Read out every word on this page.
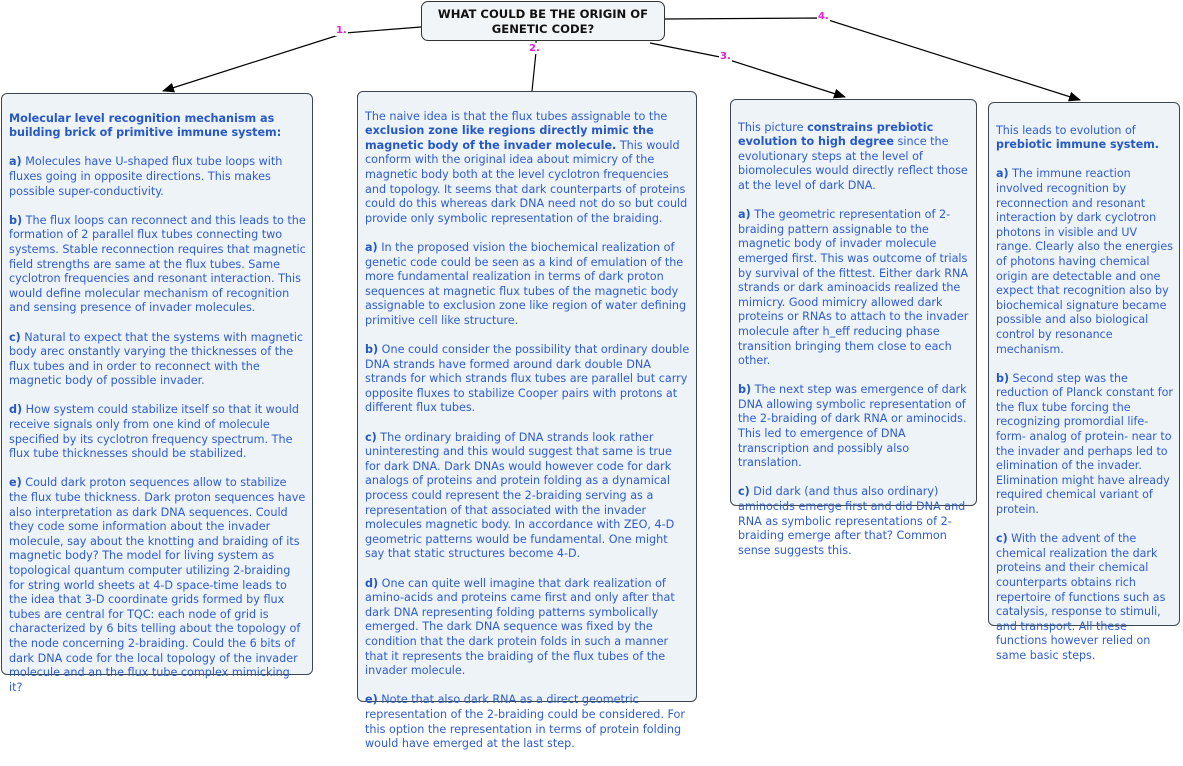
1.
2.
3.
4.
WHAT COULD BE THE ORIGIN OF
GENETIC CODE?

Molecular level recognition mechanism as building brick of primitive immune system:

a) Molecules have U-shaped flux tube loops with fluxes going in opposite directions. This makes possible super-conductivity.

b) The flux loops can reconnect and this leads to the formation of 2 parallel flux tubes connecting two systems. Stable reconnection requires that magnetic field strengths are same at the flux tubes. Same cyclotron frequencies and resonant interaction. This would define molecular mechanism of recognition and sensing presence of invader molecules.

c) Natural to expect that the systems with magnetic body arec onstantly varying the thicknesses of the flux tubes and in order to reconnect with the magnetic body of possible invader.

d) How system could stabilize itself so that it would receive signals only from one kind of molecule specified by its cyclotron frequency spectrum. The flux tube thicknesses should be stabilized.

e) Could dark proton sequences allow to stabilize the flux tube thickness. Dark proton sequences have also interpretation as dark DNA sequences. Could they code some information about the invader molecule, say about the knotting and braiding of its magnetic body? The model for living system as topological quantum computer utilizing 2-braiding for string world sheets at 4-D space-time leads to the idea that 3-D coordinate grids formed by flux tubes are central for TQC: each node of grid is characterized by 6 bits telling about the topology of the node concerning 2-braiding. Could the 6 bits of dark DNA code for the local topology of the invader molecule and an the flux tube complex mimicking it?

The naive idea is that the flux tubes assignable to the exclusion zone like regions directly mimic the magnetic body of the invader molecule. This would conform with the original idea about mimicry of the magnetic body both at the level cyclotron frequencies and topology. It seems that dark counterparts of proteins could do this whereas dark DNA need not do so but could provide only symbolic representation of the braiding.

a) In the proposed vision the biochemical realization of genetic code could be seen as a kind of emulation of the more fundamental realization in terms of dark proton sequences at magnetic flux tubes of the magnetic body assignable to exclusion zone like region of water defining primitive cell like structure.

b) One could consider the possibility that ordinary double DNA strands have formed around dark double DNA strands for which strands flux tubes are parallel but carry opposite fluxes to stabilize Cooper pairs with protons at different flux tubes.

c) The ordinary braiding of DNA strands look rather uninteresting and this would suggest that same is true for dark DNA. Dark DNAs would however code for dark analogs of proteins and protein folding as a dynamical process could represent the 2-braiding serving as a representation of that associated with the invader molecules magnetic body. In accordance with ZEO, 4-D geometric patterns would be fundamental. One might say that static structures become 4-D.

d) One can quite well imagine that dark realization of amino-acids and proteins came first and only after that dark DNA representing folding patterns symbolically emerged. The dark DNA sequence was fixed by the condition that the dark protein folds in such a manner that it represents the braiding of the flux tubes of the invader molecule.

e) Note that also dark RNA as a direct geometric representation of the 2-braiding could be considered. For this option the representation in terms of protein folding would have emerged at the last step.

This picture constrains prebiotic evolution to high degree since the evolutionary steps at the level of biomolecules would directly reflect those at the level of dark DNA.

a) The geometric representation of 2-braiding pattern assignable to the magnetic body of invader molecule emerged first. This was outcome of trials by survival of the fittest. Either dark RNA strands or dark aminoacids realized the mimicry. Good mimicry allowed dark proteins or RNAs to attach to the invader molecule after h_eff reducing phase transition bringing them close to each other.

b) The next step was emergence of dark DNA allowing symbolic representation of the 2-braiding of dark RNA or aminocids. This led to emergence of DNA transcription and possibly also translation.

c) Did dark (and thus also ordinary) aminocids emerge first and did DNA and RNA as symbolic representations of 2-braiding emerge after that? Common sense suggests this.

This leads to evolution of prebiotic immune system.

a) The immune reaction involved recognition by reconnection and resonant interaction by dark cyclotron photons in visible and UV range. Clearly also the energies of photons having chemical origin are detectable and one expect that recognition also by biochemical signature became possible and also biological control by resonance mechanism.

b) Second step was the reduction of Planck constant for the flux tube forcing the recognizing promordial life-form- analog of protein- near to the invader and perhaps led to elimination of the invader. Elimination might have already required chemical variant of protein.

c) With the advent of the chemical realization the dark proteins and their chemical counterparts obtains rich repertoire of functions such as catalysis, response to stimuli, and transport. All these functions however relied on same basic steps.
